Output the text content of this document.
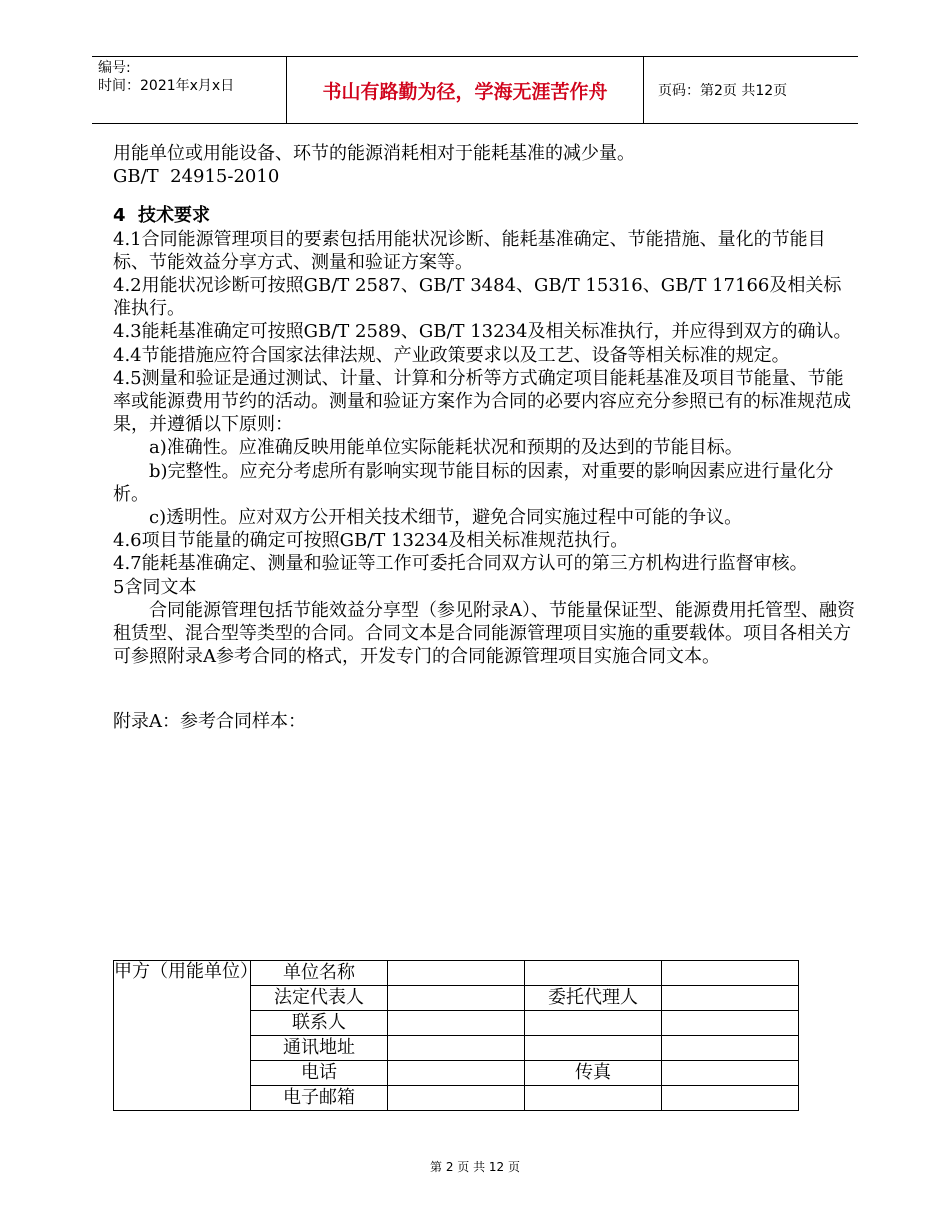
编号:
时间：2021年x月x日	书山有路勤为径，学海无涯苦作舟	页码：第2页 共12页

用能单位或用能设备、环节的能源消耗相对于能耗基准的减少量。

GB/T  24915-2010

4  技术要求

4.1合同能源管理项目的要素包括用能状况诊断、能耗基准确定、节能措施、量化的节能目标、节能效益分享方式、测量和验证方案等。

4.2用能状况诊断可按照GB/T 2587、GB/T 3484、GB/T 15316、GB/T 17166及相关标准执行。

4.3能耗基准确定可按照GB/T 2589、GB/T 13234及相关标准执行，并应得到双方的确认。

4.4节能措施应符合国家法律法规、产业政策要求以及工艺、设备等相关标准的规定。

4.5测量和验证是通过测试、计量、计算和分析等方式确定项目能耗基准及项目节能量、节能率或能源费用节约的活动。测量和验证方案作为合同的必要内容应充分参照已有的标准规范成果，并遵循以下原则：

a)准确性。应准确反映用能单位实际能耗状况和预期的及达到的节能目标。

b)完整性。应充分考虑所有影响实现节能目标的因素，对重要的影响因素应进行量化分析。

c)透明性。应对双方公开相关技术细节，避免合同实施过程中可能的争议。

4.6项目节能量的确定可按照GB/T 13234及相关标准规范执行。

4.7能耗基准确定、测量和验证等工作可委托合同双方认可的第三方机构进行监督审核。

5含同文本

合同能源管理包括节能效益分享型（参见附录A）、节能量保证型、能源费用托管型、融资租赁型、混合型等类型的合同。合同文本是合同能源管理项目实施的重要载体。项目各相关方可参照附录A参考合同的格式，开发专门的合同能源管理项目实施合同文本。

附录A：参考合同样本：

甲方（用能单位）	单位名称			
	法定代表人		委托代理人	
	联系人			
	通讯地址			
	电话		传真	
	电子邮箱			
第 2 页 共 12 页
